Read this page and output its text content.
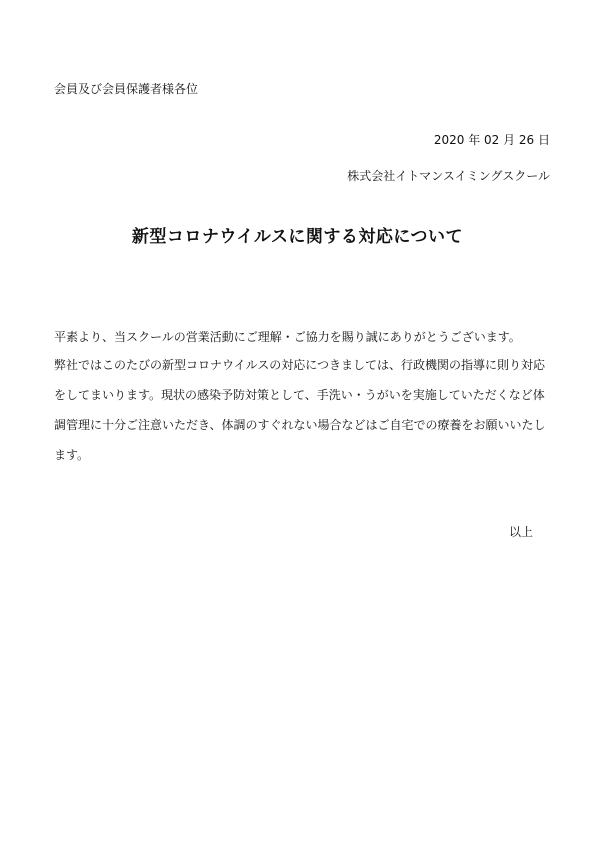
会員及び会員保護者様各位
2020 年 02 月 26 日
株式会社イトマンスイミングスクール
新型コロナウイルスに関する対応について

平素より、当スクールの営業活動にご理解・ご協力を賜り誠にありがとうございます。

弊社ではこのたびの新型コロナウイルスの対応につきましては、行政機関の指導に則り対応
をしてまいります。現状の感染予防対策として、手洗い・うがいを実施していただくなど体
調管理に十分ご注意いただき、体調のすぐれない場合などはご自宅での療養をお願いいたし
ます。

以上
